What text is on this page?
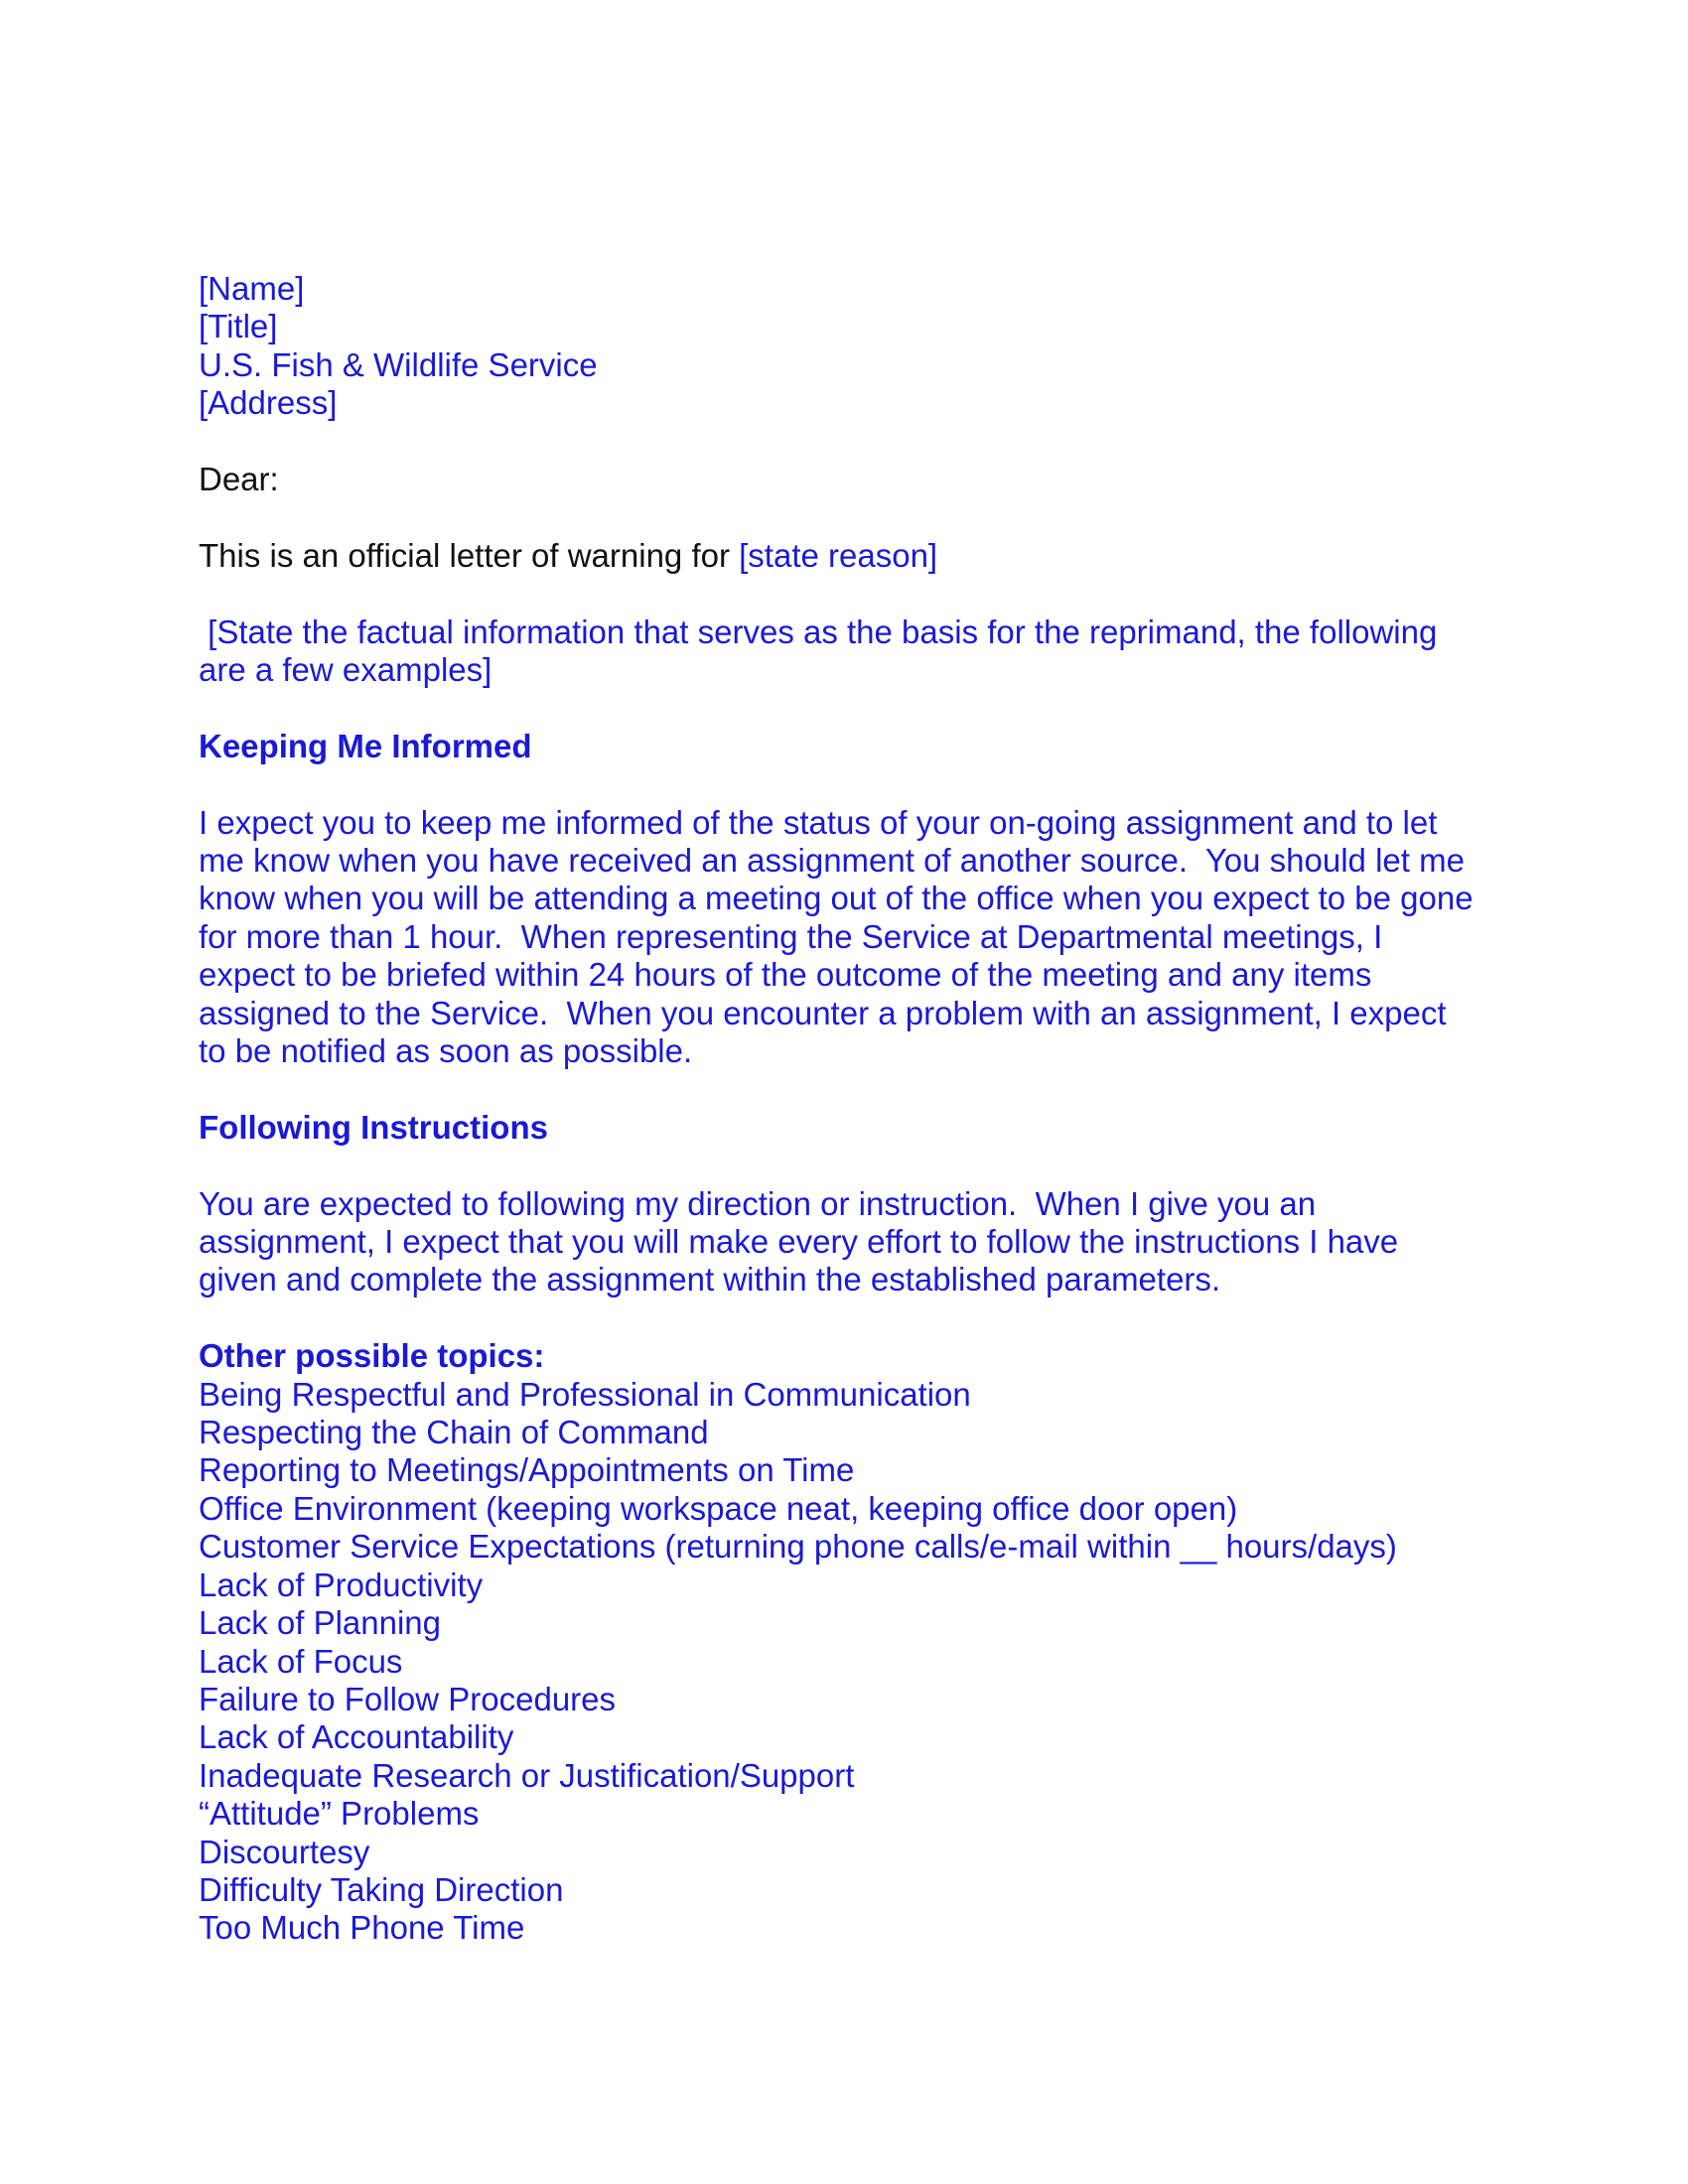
[Name]
[Title]
U.S. Fish & Wildlife Service
[Address]
Dear:
This is an official letter of warning for [state reason]
[State the factual information that serves as the basis for the reprimand, the following
are a few examples]
Keeping Me Informed
I expect you to keep me informed of the status of your on-going assignment and to let
me know when you have received an assignment of another source.  You should let me
know when you will be attending a meeting out of the office when you expect to be gone
for more than 1 hour.  When representing the Service at Departmental meetings, I
expect to be briefed within 24 hours of the outcome of the meeting and any items
assigned to the Service.  When you encounter a problem with an assignment, I expect
to be notified as soon as possible.
Following Instructions
You are expected to following my direction or instruction.  When I give you an
assignment, I expect that you will make every effort to follow the instructions I have
given and complete the assignment within the established parameters.
Other possible topics:
Being Respectful and Professional in Communication
Respecting the Chain of Command
Reporting to Meetings/Appointments on Time
Office Environment (keeping workspace neat, keeping office door open)
Customer Service Expectations (returning phone calls/e-mail within __ hours/days)
Lack of Productivity
Lack of Planning
Lack of Focus
Failure to Follow Procedures
Lack of Accountability
Inadequate Research or Justification/Support
“Attitude” Problems
Discourtesy
Difficulty Taking Direction
Too Much Phone Time
